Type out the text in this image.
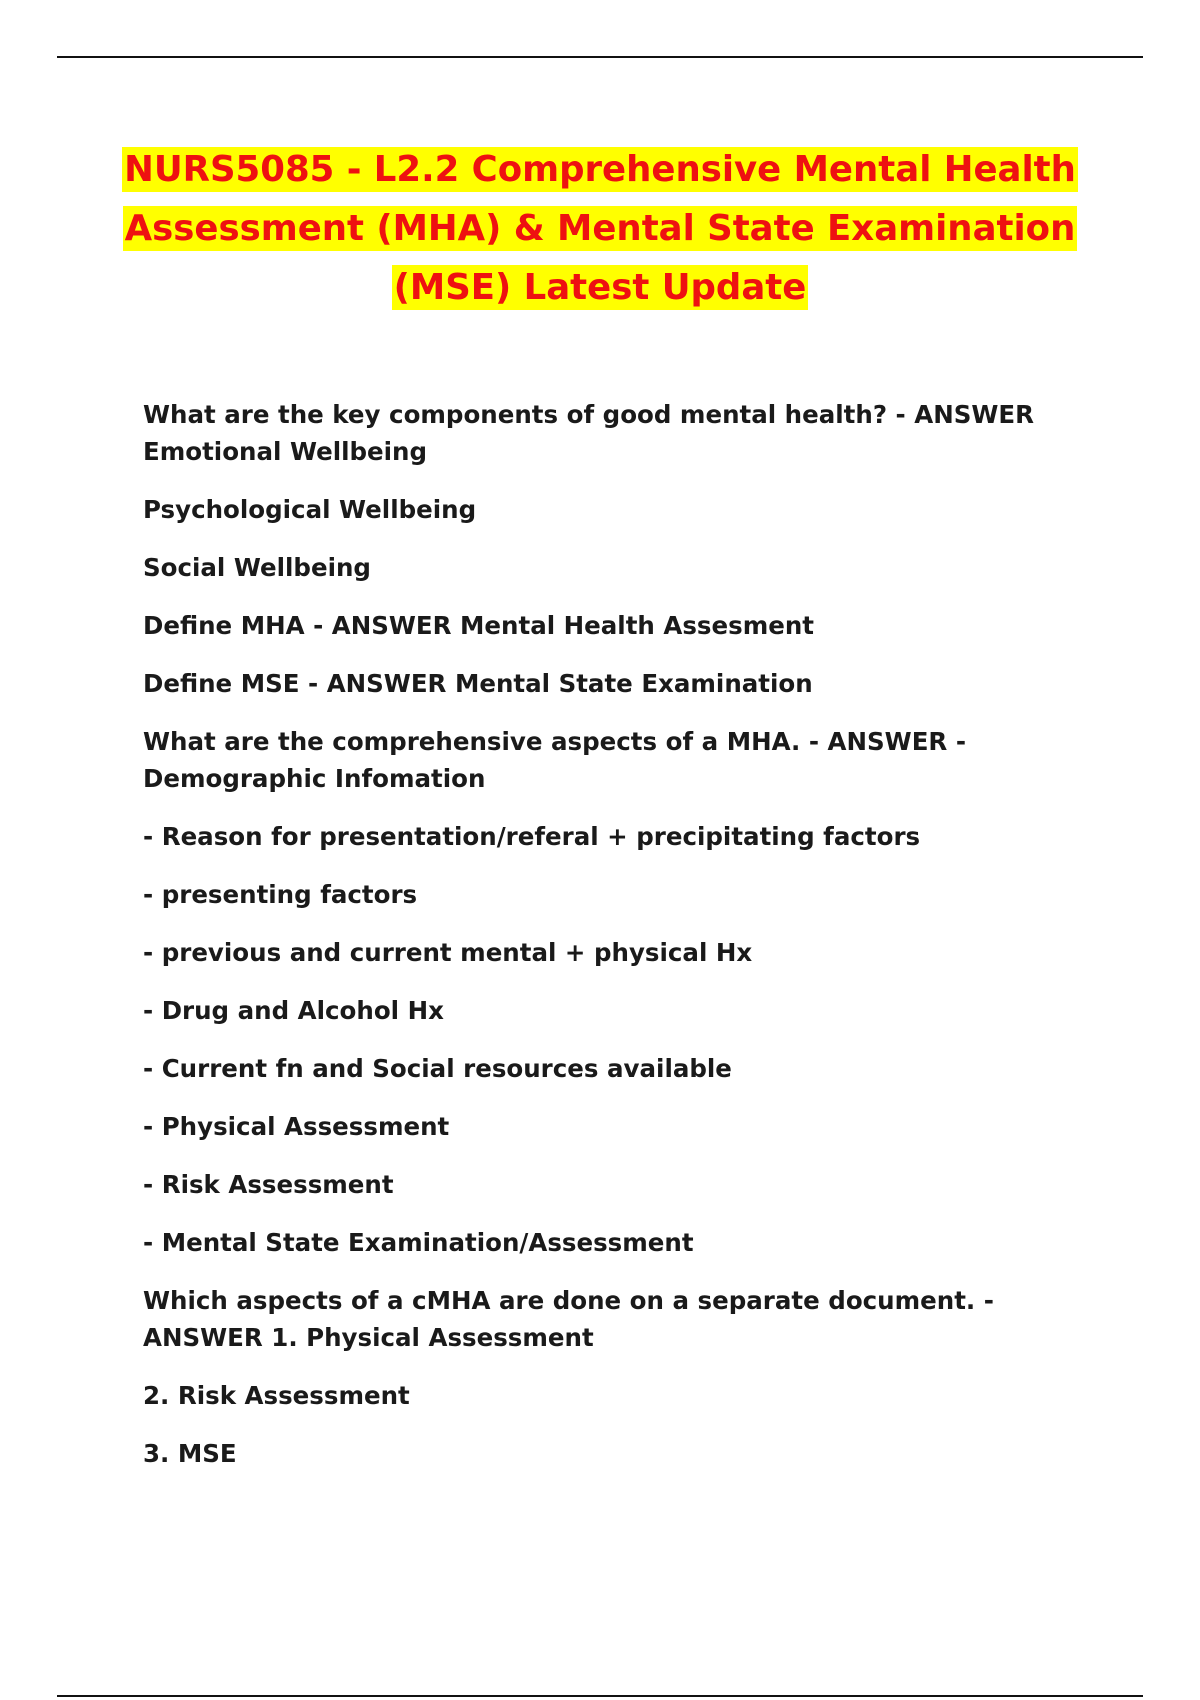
NURS5085 - L2.2 Comprehensive Mental Health
Assessment (MHA) & Mental State Examination
(MSE) Latest Update

What are the key components of good mental health? - ANSWER
Emotional Wellbeing

Psychological Wellbeing

Social Wellbeing

Define MHA - ANSWER Mental Health Assesment

Define MSE - ANSWER Mental State Examination

What are the comprehensive aspects of a MHA. - ANSWER -
Demographic Infomation

- Reason for presentation/referal + precipitating factors

- presenting factors

- previous and current mental + physical Hx

- Drug and Alcohol Hx

- Current fn and Social resources available

- Physical Assessment

- Risk Assessment

- Mental State Examination/Assessment

Which aspects of a cMHA are done on a separate document. -
ANSWER 1. Physical Assessment

2. Risk Assessment

3. MSE
